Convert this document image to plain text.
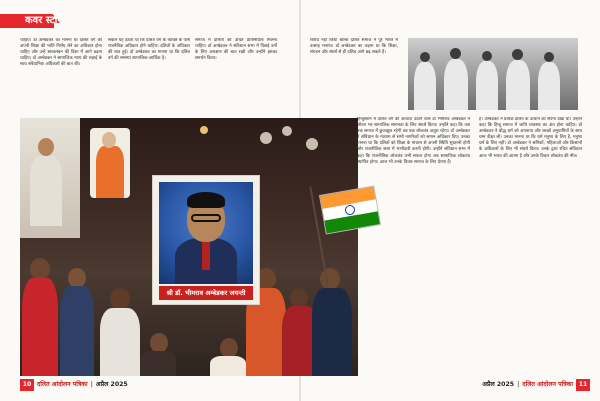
कवर स्टोरी
चाहिए। डॉ अम्बेडकर का मानना था दलित वर्ग की अपनी शिक्षा की भांति निर्णय लेने का अधिकार होना चाहिए और उन्हें स्वावलंबन की दिशा में आगे बढ़ना चाहिए। डॉ अम्बेडकर ने सामाजिक न्याय की लड़ाई के साथ संवैधानिक अधिकारों की बात की।
सवाल यह उठता था कि दलित वर्ग के व्यक्ति के पास राजनैतिक अधिकार होने चाहिए। दलितों के अधिकार की बात हुई। डॉ अम्बेडकर का मानना था कि दलित वर्ग की समस्या सामाजिक-आर्थिक है।
समाज में दलितों को उचित प्रतिनिधित्व मिलना चाहिए। डॉ अम्बेडकर ने संविधान सभा में पिछड़े वर्गों के लिए आरक्षण की बात रखी और उन्होंने इसका समर्थन किया।
विरोध नहीं किया बल्कि दलित समाज ने पूरे भारत में उत्साह मनाया। डॉ अम्बेडकर का कहना था कि शिक्षा, संगठन और संघर्ष से ही दलित आगे बढ़ सकते हैं।
श्री डॉ. भीमराव अम्बेडकर जयन्ती
हिन्दुस्तान में दलित वर्ग की आवाज़ उठाने वाले डॉ भीमराव अम्बेडकर ने जीवन भर सामाजिक समानता के लिए संघर्ष किया। उन्होंने कहा कि जब तक समाज में छुआछूत रहेगी तब तक लोकतंत्र अधूरा रहेगा। डॉ अम्बेडकर ने संविधान के माध्यम से सभी नागरिकों को समान अधिकार दिए। उनका मानना था कि दलितों को शिक्षा के माध्यम से अपनी स्थिति सुधारनी होगी और राजनीतिक सत्ता में भागीदारी करनी होगी। उन्होंने संविधान सभा में कहा कि राजनीतिक लोकतंत्र तभी सफल होगा जब सामाजिक लोकतंत्र स्थापित होगा। आज भी उनके विचार समाज के लिए प्रेरणा हैं।
है। अम्बेडकर ने प्रत्येक दलित के उत्थान का सपना देखा था। उन्होंने कहा कि हिन्दू समाज में जाति व्यवस्था का अंत होना चाहिए। डॉ अम्बेडकर ने बौद्ध धर्म को अपनाया और लाखों अनुयायियों के साथ धम्म दीक्षा ली। उनका मानना था कि धर्म मनुष्य के लिए है, मनुष्य धर्म के लिए नहीं। डॉ अम्बेडकर ने श्रमिकों, महिलाओं और किसानों के अधिकारों के लिए भी संघर्ष किया। उनके द्वारा रचित संविधान आज भी भारत की आत्मा है और उनके विचार लोकतंत्र की नींव।
10 दलित आंदोलन पत्रिका | अप्रैल 2025	अप्रैल 2025 | दलित आंदोलन पत्रिका 11
